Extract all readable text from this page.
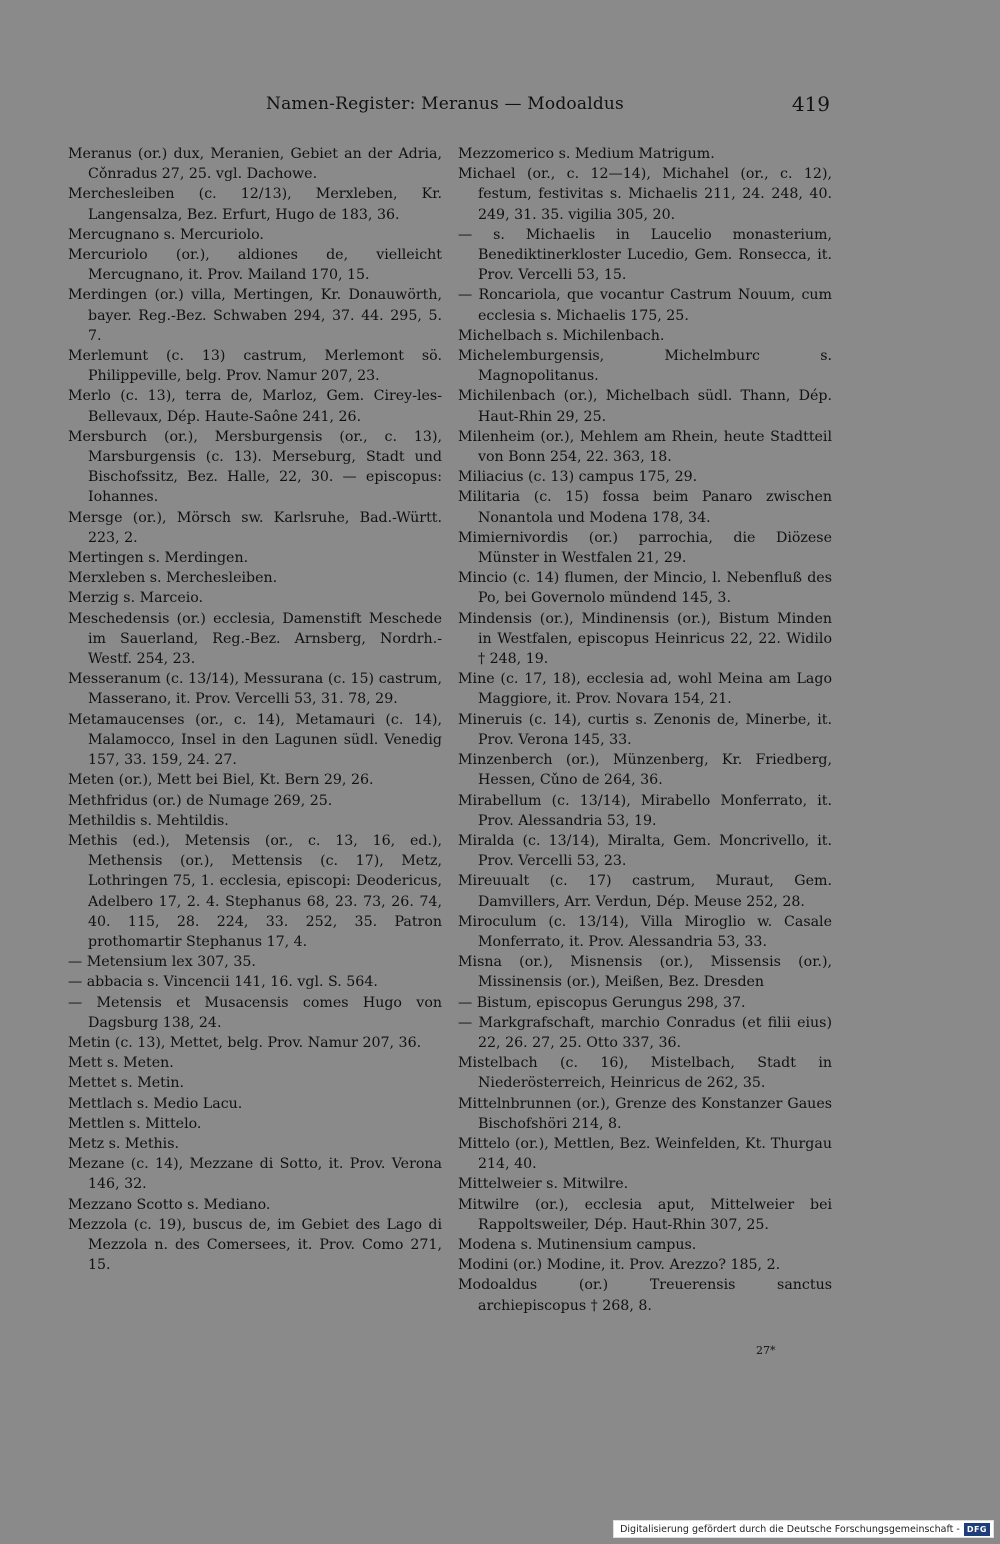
Namen-Register: Meranus — Modoaldus	419

Meranus (or.) dux, Meranien, Gebiet an der Adria, Cǒnradus 27, 25. vgl. Dachowe.

Merchesleiben (c. 12/13), Merxleben, Kr. Langensalza, Bez. Erfurt, Hugo de 183, 36.

Mercugnano s. Mercuriolo.

Mercuriolo (or.), aldiones de, vielleicht Mercugnano, it. Prov. Mailand 170, 15.

Merdingen (or.) villa, Mertingen, Kr. Donauwörth, bayer. Reg.-Bez. Schwaben 294, 37. 44. 295, 5. 7.

Merlemunt (c. 13) castrum, Merlemont sö. Philippeville, belg. Prov. Namur 207, 23.

Merlo (c. 13), terra de, Marloz, Gem. Cirey-les-Bellevaux, Dép. Haute-Saône 241, 26.

Mersburch (or.), Mersburgensis (or., c. 13), Marsburgensis (c. 13). Merseburg, Stadt und Bischofssitz, Bez. Halle, 22, 30. — episcopus: Iohannes.

Mersge (or.), Mörsch sw. Karlsruhe, Bad.-Württ. 223, 2.

Mertingen s. Merdingen.

Merxleben s. Merchesleiben.

Merzig s. Marceio.

Meschedensis (or.) ecclesia, Damenstift Meschede im Sauerland, Reg.-Bez. Arnsberg, Nordrh.-Westf. 254, 23.

Messeranum (c. 13/14), Messurana (c. 15) castrum, Masserano, it. Prov. Vercelli 53, 31. 78, 29.

Metamaucenses (or., c. 14), Metamauri (c. 14), Malamocco, Insel in den Lagunen südl. Venedig 157, 33. 159, 24. 27.

Meten (or.), Mett bei Biel, Kt. Bern 29, 26.

Methfridus (or.) de Numage 269, 25.

Methildis s. Mehtildis.

Methis (ed.), Metensis (or., c. 13, 16, ed.), Methensis (or.), Mettensis (c. 17), Metz, Lothringen 75, 1. ecclesia, episcopi: Deodericus, Adelbero 17, 2. 4. Stephanus 68, 23. 73, 26. 74, 40. 115, 28. 224, 33. 252, 35. Patron prothomartir Stephanus 17, 4.

— Metensium lex 307, 35.

— abbacia s. Vincencii 141, 16. vgl. S. 564.

— Metensis et Musacensis comes Hugo von Dagsburg 138, 24.

Metin (c. 13), Mettet, belg. Prov. Namur 207, 36.

Mett s. Meten.

Mettet s. Metin.

Mettlach s. Medio Lacu.

Mettlen s. Mittelo.

Metz s. Methis.

Mezane (c. 14), Mezzane di Sotto, it. Prov. Verona 146, 32.

Mezzano Scotto s. Mediano.

Mezzola (c. 19), buscus de, im Gebiet des Lago di Mezzola n. des Comersees, it. Prov. Como 271, 15.

Mezzomerico s. Medium Matrigum.

Michael (or., c. 12—14), Michahel (or., c. 12), festum, festivitas s. Michaelis 211, 24. 248, 40. 249, 31. 35. vigilia 305, 20.

— s. Michaelis in Laucelio monasterium, Benediktinerkloster Lucedio, Gem. Ronsecca, it. Prov. Vercelli 53, 15.

— Roncariola, que vocantur Castrum Nouum, cum ecclesia s. Michaelis 175, 25.

Michelbach s. Michilenbach.

Michelemburgensis, Michelmburc s. Magnopolitanus.

Michilenbach (or.), Michelbach südl. Thann, Dép. Haut-Rhin 29, 25.

Milenheim (or.), Mehlem am Rhein, heute Stadtteil von Bonn 254, 22. 363, 18.

Miliacius (c. 13) campus 175, 29.

Militaria (c. 15) fossa beim Panaro zwischen Nonantola und Modena 178, 34.

Mimiernivordis (or.) parrochia, die Diözese Münster in Westfalen 21, 29.

Mincio (c. 14) flumen, der Mincio, l. Nebenfluß des Po, bei Governolo mündend 145, 3.

Mindensis (or.), Mindinensis (or.), Bistum Minden in Westfalen, episcopus Heinricus 22, 22. Widilo † 248, 19.

Mine (c. 17, 18), ecclesia ad, wohl Meina am Lago Maggiore, it. Prov. Novara 154, 21.

Mineruis (c. 14), curtis s. Zenonis de, Minerbe, it. Prov. Verona 145, 33.

Minzenberch (or.), Münzenberg, Kr. Friedberg, Hessen, Cǔno de 264, 36.

Mirabellum (c. 13/14), Mirabello Monferrato, it. Prov. Alessandria 53, 19.

Miralda (c. 13/14), Miralta, Gem. Moncrivello, it. Prov. Vercelli 53, 23.

Mireuualt (c. 17) castrum, Muraut, Gem. Damvillers, Arr. Verdun, Dép. Meuse 252, 28.

Miroculum (c. 13/14), Villa Miroglio w. Casale Monferrato, it. Prov. Alessandria 53, 33.

Misna (or.), Misnensis (or.), Missensis (or.), Missinensis (or.), Meißen, Bez. Dresden

— Bistum, episcopus Gerungus 298, 37.

— Markgrafschaft, marchio Conradus (et filii eius) 22, 26. 27, 25. Otto 337, 36.

Mistelbach (c. 16), Mistelbach, Stadt in Niederösterreich, Heinricus de 262, 35.

Mittelnbrunnen (or.), Grenze des Konstanzer Gaues Bischofshöri 214, 8.

Mittelo (or.), Mettlen, Bez. Weinfelden, Kt. Thurgau 214, 40.

Mittelweier s. Mitwilre.

Mitwilre (or.), ecclesia aput, Mittelweier bei Rappoltsweiler, Dép. Haut-Rhin 307, 25.

Modena s. Mutinensium campus.

Modini (or.) Modine, it. Prov. Arezzo? 185, 2.

Modoaldus (or.) Treuerensis sanctus archiepiscopus † 268, 8.

27*
Digitalisierung gefördert durch die Deutsche Forschungsgemeinschaft - DFG
